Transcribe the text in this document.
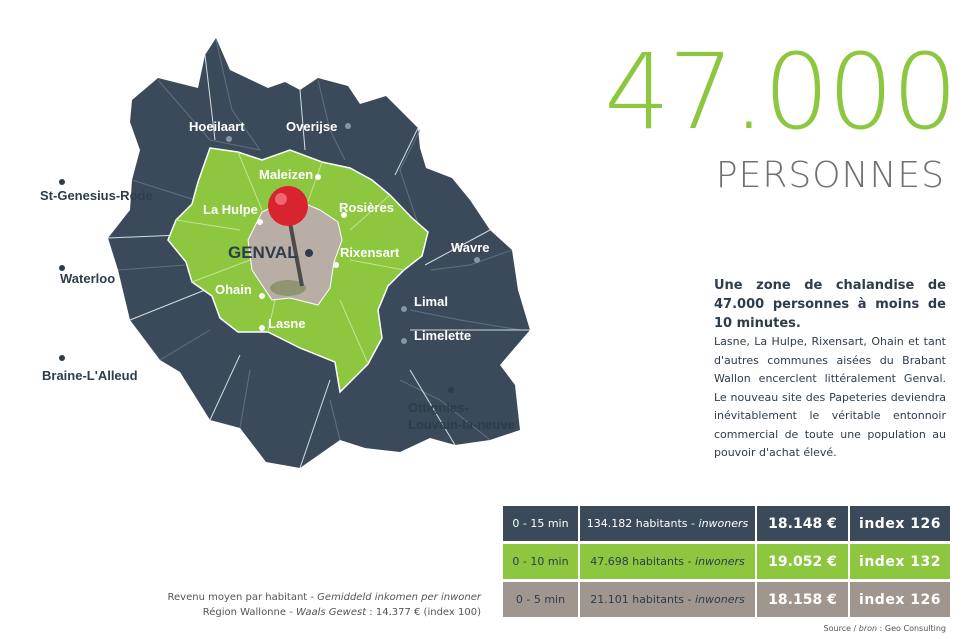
St-Genesius-Rode
Waterloo
Braine-L'Alleud
Hoeilaart	Overijse
Wavre
Limal
Limelette
Ottignies-
Louvain-la-neuve
Maleizen
La Hulpe	Rosières
Rixensart
Ohain
Lasne
GENVAL
47.000
PERSONNES
Une zone de chalandise de 47.000 personnes à moins de 10 minutes.
Lasne, La Hulpe, Rixensart, Ohain et tant d'autres communes aisées du Brabant Wallon encerclent littéralement Genval. Le nouveau site des Papeteries deviendra inévitablement le véritable entonnoir commercial de toute une population au pouvoir d'achat élevé.
0 - 15 min	134.182 habitants - inwoners	18.148 €	index 126
0 - 10 min	47.698 habitants - inwoners	19.052 €	index 132
0 - 5 min	21.101 habitants - inwoners	18.158 €	index 126
Revenu moyen par habitant - Gemiddeld inkomen per inwoner
Région Wallonne - Waals Gewest : 14.377 € (index 100)
Source / bron : Geo Consulting
